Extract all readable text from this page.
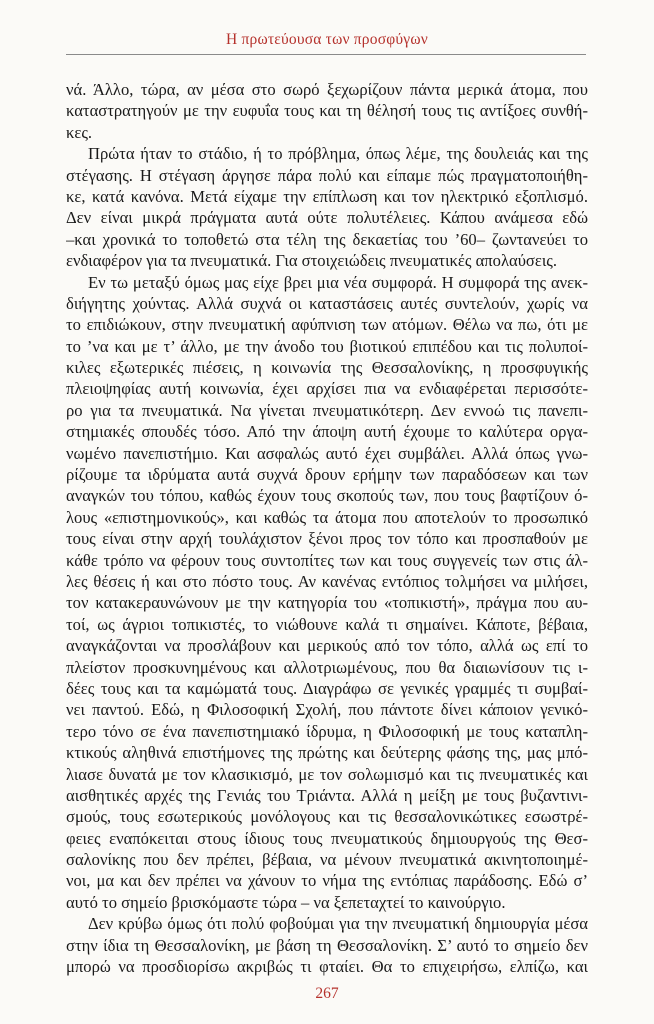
Η πρωτεύουσα των προσφύγων
νά. Άλλο, τώρα, αν μέσα στο σωρό ξεχωρίζουν πάντα μερικά άτομα, που
καταστρατηγούν με την ευφυΐα τους και τη θέλησή τους τις αντίξοες συνθή-
κες.
Πρώτα ήταν το στάδιο, ή το πρόβλημα, όπως λέμε, της δουλειάς και της
στέγασης. Η στέγαση άργησε πάρα πολύ και είπαμε πώς πραγματοποιήθη-
κε, κατά κανόνα. Μετά είχαμε την επίπλωση και τον ηλεκτρικό εξοπλισμό.
Δεν είναι μικρά πράγματα αυτά ούτε πολυτέλειες. Κάπου ανάμεσα εδώ
–και χρονικά το τοποθετώ στα τέλη της δεκαετίας του ’60– ζωντανεύει το
ενδιαφέρον για τα πνευματικά. Για στοιχειώδεις πνευματικές απολαύσεις.
Εν τω μεταξύ όμως μας είχε βρει μια νέα συμφορά. Η συμφορά της ανεκ-
διήγητης χούντας. Αλλά συχνά οι καταστάσεις αυτές συντελούν, χωρίς να
το επιδιώκουν, στην πνευματική αφύπνιση των ατόμων. Θέλω να πω, ότι με
το ’να και με τ’ άλλο, με την άνοδο του βιοτικού επιπέδου και τις πολυποί-
κιλες εξωτερικές πιέσεις, η κοινωνία της Θεσσαλονίκης, η προσφυγικής
πλειοψηφίας αυτή κοινωνία, έχει αρχίσει πια να ενδιαφέρεται περισσότε-
ρο για τα πνευματικά. Να γίνεται πνευματικότερη. Δεν εννοώ τις πανεπι-
στημιακές σπουδές τόσο. Από την άποψη αυτή έχουμε το καλύτερα οργα-
νωμένο πανεπιστήμιο. Και ασφαλώς αυτό έχει συμβάλει. Αλλά όπως γνω-
ρίζουμε τα ιδρύματα αυτά συχνά δρουν ερήμην των παραδόσεων και των
αναγκών του τόπου, καθώς έχουν τους σκοπούς των, που τους βαφτίζουν ό-
λους «επιστημονικούς», και καθώς τα άτομα που αποτελούν το προσωπικό
τους είναι στην αρχή τουλάχιστον ξένοι προς τον τόπο και προσπαθούν με
κάθε τρόπο να φέρουν τους συντοπίτες των και τους συγγενείς των στις άλ-
λες θέσεις ή και στο πόστο τους. Αν κανένας εντόπιος τολμήσει να μιλήσει,
τον κατακεραυνώνουν με την κατηγορία του «τοπικιστή», πράγμα που αυ-
τοί, ως άγριοι τοπικιστές, το νιώθουνε καλά τι σημαίνει. Κάποτε, βέβαια,
αναγκάζονται να προσλάβουν και μερικούς από τον τόπο, αλλά ως επί το
πλείστον προσκυνημένους και αλλοτριωμένους, που θα διαιωνίσουν τις ι-
δέες τους και τα καμώματά τους. Διαγράφω σε γενικές γραμμές τι συμβαί-
νει παντού. Εδώ, η Φιλοσοφική Σχολή, που πάντοτε δίνει κάποιον γενικό-
τερο τόνο σε ένα πανεπιστημιακό ίδρυμα, η Φιλοσοφική με τους καταπλη-
κτικούς αληθινά επιστήμονες της πρώτης και δεύτερης φάσης της, μας μπό-
λιασε δυνατά με τον κλασικισμό, με τον σολωμισμό και τις πνευματικές και
αισθητικές αρχές της Γενιάς του Τριάντα. Αλλά η μείξη με τους βυζαντινι-
σμούς, τους εσωτερικούς μονόλογους και τις θεσσαλονικώτικες εσωστρέ-
φειες εναπόκειται στους ίδιους τους πνευματικούς δημιουργούς της Θεσ-
σαλονίκης που δεν πρέπει, βέβαια, να μένουν πνευματικά ακινητοποιημέ-
νοι, μα και δεν πρέπει να χάνουν το νήμα της εντόπιας παράδοσης. Εδώ σ’
αυτό το σημείο βρισκόμαστε τώρα – να ξεπεταχτεί το καινούργιο.
Δεν κρύβω όμως ότι πολύ φοβούμαι για την πνευματική δημιουργία μέσα
στην ίδια τη Θεσσαλονίκη, με βάση τη Θεσσαλονίκη. Σ’ αυτό το σημείο δεν
μπορώ να προσδιορίσω ακριβώς τι φταίει. Θα το επιχειρήσω, ελπίζω, και
267
